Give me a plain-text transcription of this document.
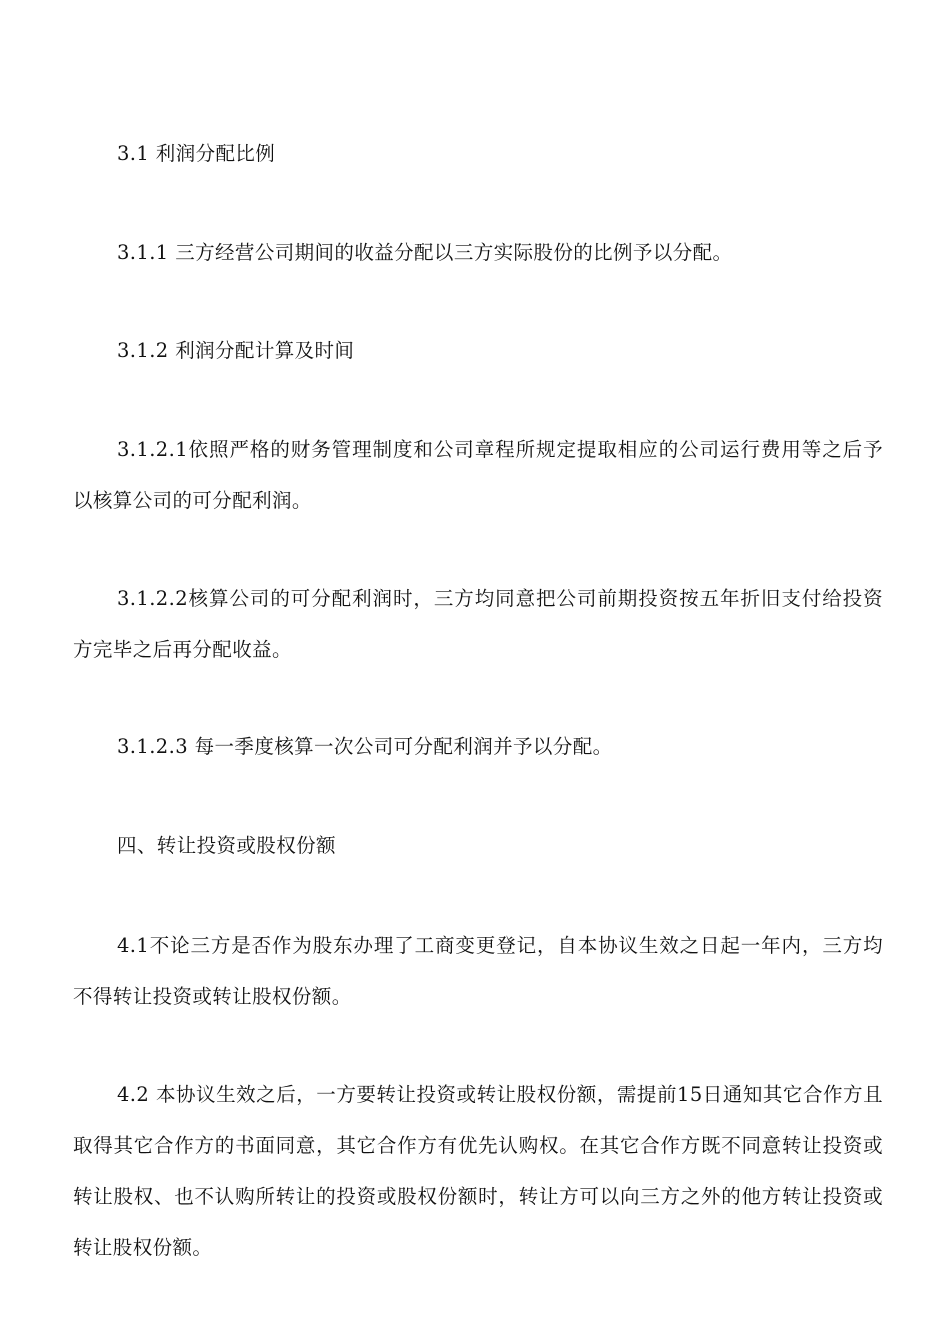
3.1 利润分配比例

3.1.1 三方经营公司期间的收益分配以三方实际股份的比例予以分配。

3.1.2 利润分配计算及时间

3.1.2.1依照严格的财务管理制度和公司章程所规定提取相应的公司运行费用等之后予以核算公司的可分配利润。

3.1.2.2核算公司的可分配利润时，三方均同意把公司前期投资按五年折旧支付给投资方完毕之后再分配收益。

3.1.2.3 每一季度核算一次公司可分配利润并予以分配。

四、转让投资或股权份额

4.1不论三方是否作为股东办理了工商变更登记，自本协议生效之日起一年内，三方均不得转让投资或转让股权份额。

4.2 本协议生效之后，一方要转让投资或转让股权份额，需提前15日通知其它合作方且取得其它合作方的书面同意，其它合作方有优先认购权。在其它合作方既不同意转让投资或转让股权、也不认购所转让的投资或股权份额时，转让方可以向三方之外的他方转让投资或转让股权份额。
